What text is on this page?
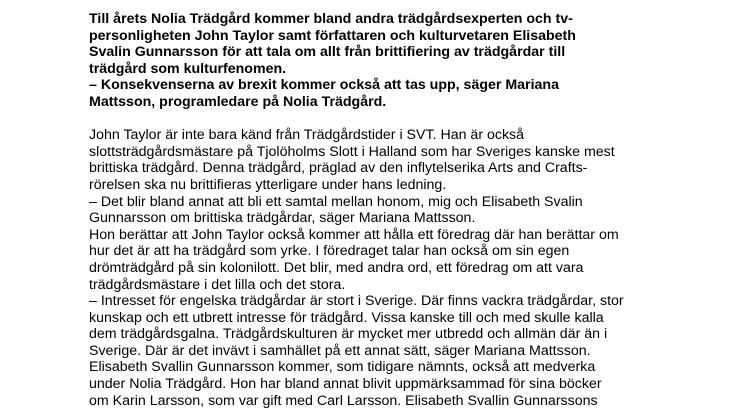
Till årets Nolia Trädgård kommer bland andra trädgårdsexperten och tv-

personligheten John Taylor samt författaren och kulturvetaren Elisabeth

Svalin Gunnarsson för att tala om allt från brittifiering av trädgårdar till

trädgård som kulturfenomen.

– Konsekvenserna av brexit kommer också att tas upp, säger Mariana

Mattsson, programledare på Nolia Trädgård.

John Taylor är inte bara känd från Trädgårdstider i SVT. Han är också

slottsträdgårdsmästare på Tjolöholms Slott i Halland som har Sveriges kanske mest

brittiska trädgård. Denna trädgård, präglad av den inflytelserika Arts and Crafts-

rörelsen ska nu brittifieras ytterligare under hans ledning.

– Det blir bland annat att bli ett samtal mellan honom, mig och Elisabeth Svalin

Gunnarsson om brittiska trädgårdar, säger Mariana Mattsson.

Hon berättar att John Taylor också kommer att hålla ett föredrag där han berättar om

hur det är att ha trädgård som yrke. I föredraget talar han också om sin egen

drömträdgård på sin kolonilott. Det blir, med andra ord, ett föredrag om att vara

trädgårdsmästare i det lilla och det stora.

– Intresset för engelska trädgårdar är stort i Sverige. Där finns vackra trädgårdar, stor

kunskap och ett utbrett intresse för trädgård. Vissa kanske till och med skulle kalla

dem trädgårdsgalna. Trädgårdskulturen är mycket mer utbredd och allmän där än i

Sverige. Där är det invävt i samhället på ett annat sätt, säger Mariana Mattsson.

Elisabeth Svallin Gunnarsson kommer, som tidigare nämnts, också att medverka

under Nolia Trädgård. Hon har bland annat blivit uppmärksammad för sina böcker

om Karin Larsson, som var gift med Carl Larsson. Elisabeth Svallin Gunnarssons
